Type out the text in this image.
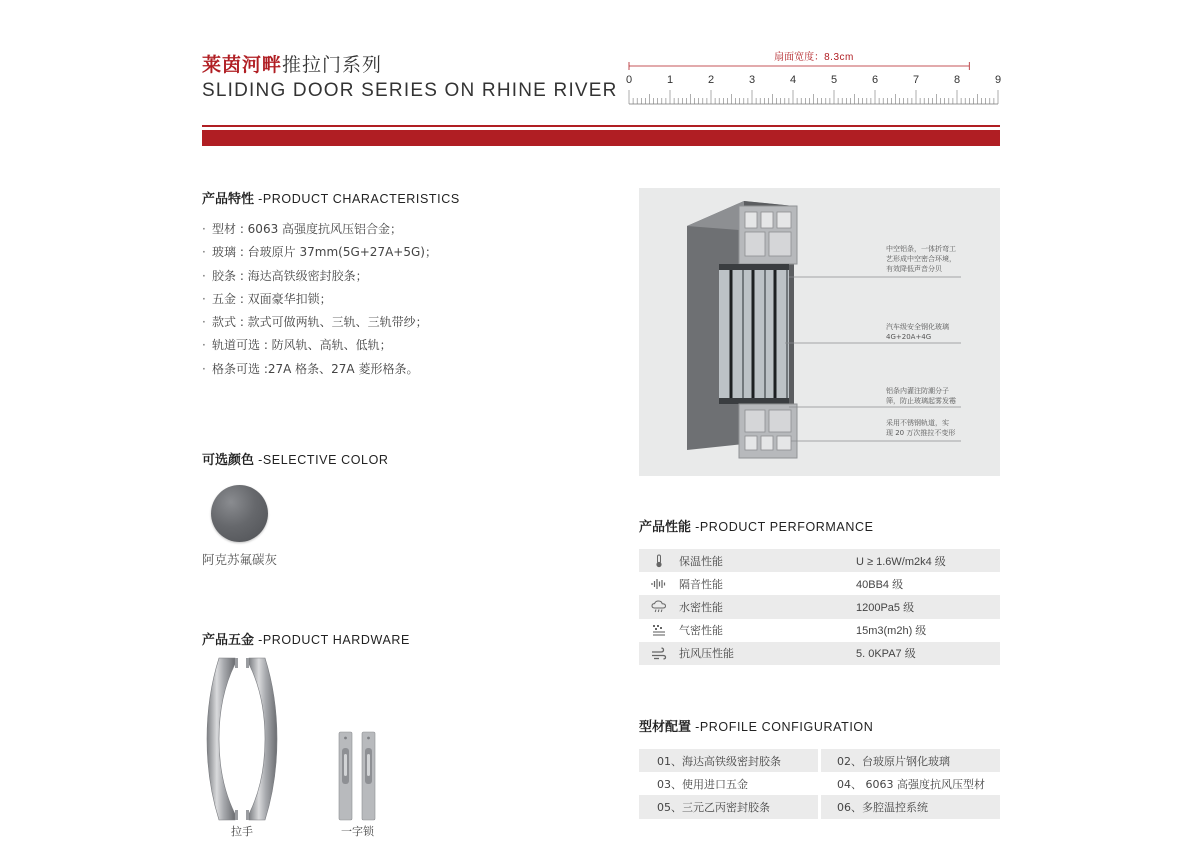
莱茵河畔推拉门系列
SLIDING DOOR SERIES ON RHINE RIVER
扇面宽度：8.3cm
0	1	2	3	4	5	6	7	8	9
产品特性 -PRODUCT CHARACTERISTICS
· 型材 : 6063 高强度抗风压铝合金；
· 玻璃 : 台玻原片 37mm(5G+27A+5G)；
· 胶条 : 海达高铁级密封胶条；
· 五金 : 双面豪华扣锁；
· 款式 : 款式可做两轨、三轨、三轨带纱；
· 轨道可选 : 防风轨、高轨、低轨；
· 格条可选 :27A 格条、27A 菱形格条。
可选颜色 -SELECTIVE COLOR
阿克苏氟碳灰
产品五金 -PRODUCT HARDWARE
拉手	一字锁
中空铝条，一体折弯工
艺形成中空密合环境，
有效降低声音分贝
汽车级安全钢化玻璃
4G+20A+4G
铝条内灌注防潮分子
筛，防止玻璃起雾发霉
采用不锈钢轨道，实
现 20 万次推拉不变形
产品性能 -PRODUCT PERFORMANCE
保温性能	U ≥ 1.6W/m2k4 级
隔音性能	40BB4 级
水密性能	1200Pa5 级
气密性能	15m3(m2h) 级
抗风压性能	5. 0KPA7 级
型材配置 -PROFILE CONFIGURATION
01、海达高铁级密封胶条	02、台玻原片钢化玻璃
03、使用进口五金	04、 6063 高强度抗风压型材
05、三元乙丙密封胶条	06、多腔温控系统
